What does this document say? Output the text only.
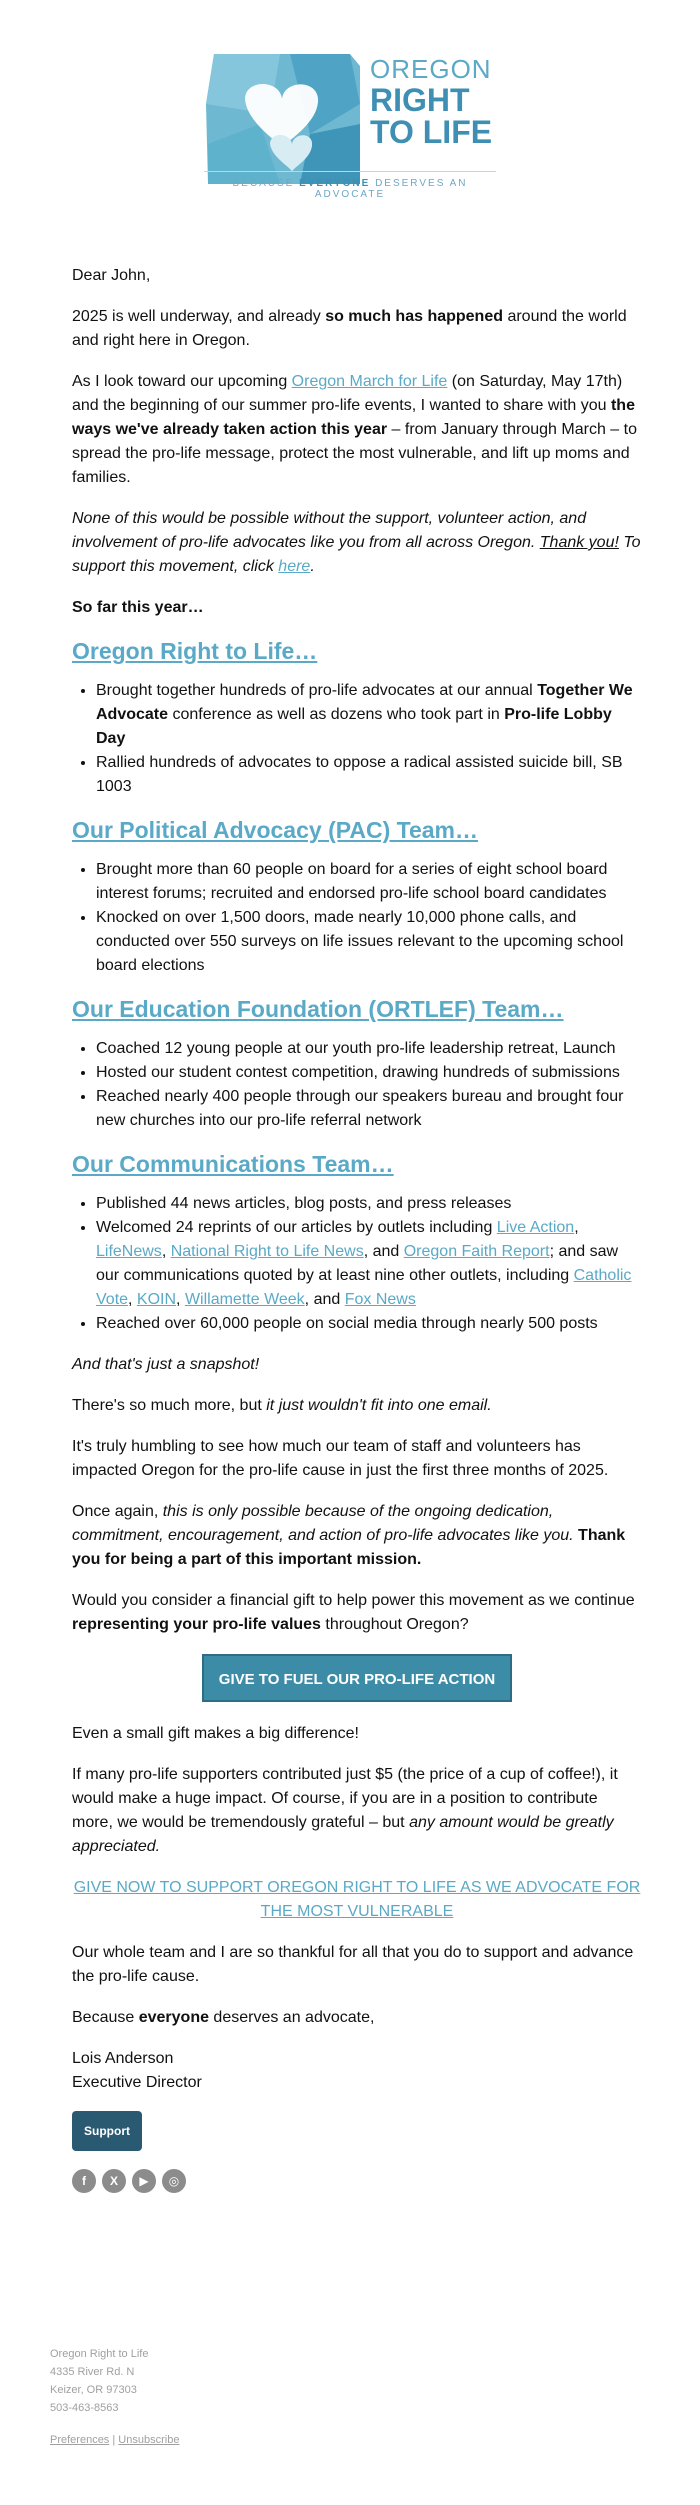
OREGON
RIGHT
TO LIFE
BECAUSE EVERYONE DESERVES AN ADVOCATE

Dear John,

2025 is well underway, and already so much has happened around the world and right here in Oregon.

As I look toward our upcoming Oregon March for Life (on Saturday, May 17th) and the beginning of our summer pro-life events, I wanted to share with you the ways we've already taken action this year – from January through March – to spread the pro-life message, protect the most vulnerable, and lift up moms and families.

None of this would be possible without the support, volunteer action, and involvement of pro-life advocates like you from all across Oregon. Thank you! To support this movement, click here.

So far this year…

Oregon Right to Life…
• Brought together hundreds of pro-life advocates at our annual Together We Advocate conference as well as dozens who took part in Pro-life Lobby Day
• Rallied hundreds of advocates to oppose a radical assisted suicide bill, SB 1003
Our Political Advocacy (PAC) Team…
• Brought more than 60 people on board for a series of eight school board interest forums; recruited and endorsed pro-life school board candidates
• Knocked on over 1,500 doors, made nearly 10,000 phone calls, and conducted over 550 surveys on life issues relevant to the upcoming school board elections
Our Education Foundation (ORTLEF) Team…
• Coached 12 young people at our youth pro-life leadership retreat, Launch
• Hosted our student contest competition, drawing hundreds of submissions
• Reached nearly 400 people through our speakers bureau and brought four new churches into our pro-life referral network
Our Communications Team…
• Published 44 news articles, blog posts, and press releases
• Welcomed 24 reprints of our articles by outlets including Live Action, LifeNews, National Right to Life News, and Oregon Faith Report; and saw our communications quoted by at least nine other outlets, including Catholic Vote, KOIN, Willamette Week, and Fox News
• Reached over 60,000 people on social media through nearly 500 posts

And that's just a snapshot!

There's so much more, but it just wouldn't fit into one email.

It's truly humbling to see how much our team of staff and volunteers has impacted Oregon for the pro-life cause in just the first three months of 2025.

Once again, this is only possible because of the ongoing dedication, commitment, encouragement, and action of pro-life advocates like you. Thank you for being a part of this important mission.

Would you consider a financial gift to help power this movement as we continue representing your pro-life values throughout Oregon?

GIVE TO FUEL OUR PRO-LIFE ACTION

Even a small gift makes a big difference!

If many pro-life supporters contributed just $5 (the price of a cup of coffee!), it would make a huge impact. Of course, if you are in a position to contribute more, we would be tremendously grateful – but any amount would be greatly appreciated.

GIVE NOW TO SUPPORT OREGON RIGHT TO LIFE AS WE ADVOCATE FOR THE MOST VULNERABLE

Our whole team and I are so thankful for all that you do to support and advance the pro-life cause.

Because everyone deserves an advocate,

Lois Anderson
Executive Director

Support
f	X	▶	◎
Oregon Right to Life
4335 River Rd. N
Keizer, OR 97303
503-463-8563
Preferences | Unsubscribe
